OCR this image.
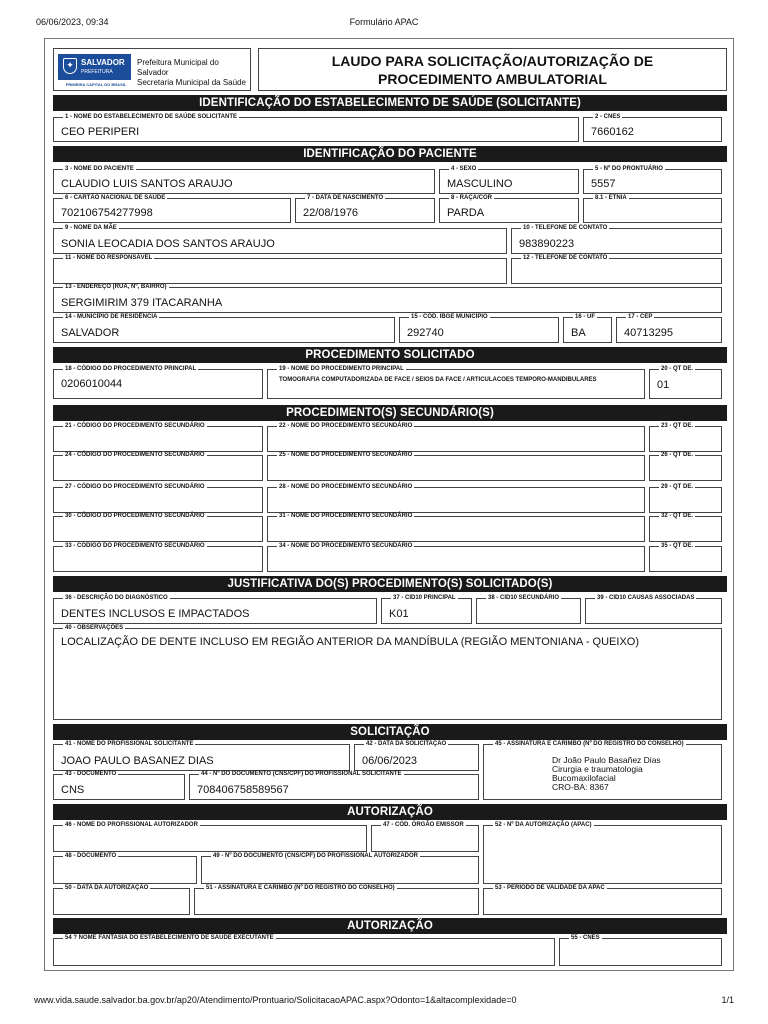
06/06/2023, 09:34	Formulário APAC
✦ SALVADOR
PREFEITURA
PRIMEIRA CAPITAL DO BRASIL
Prefeitura Municipal do Salvador
Secretaria Municipal da Saúde
LAUDO PARA SOLICITAÇÃO/AUTORIZAÇÃO DE
PROCEDIMENTO AMBULATORIAL
IDENTIFICAÇÃO DO ESTABELECIMENTO DE SAÚDE (SOLICITANTE)
1 - NOME DO ESTABELECIMENTO DE SAÚDE SOLICITANTE
CEO PERIPERI
2 - CNES
7660162
IDENTIFICAÇÃO DO PACIENTE
3 - NOME DO PACIENTE
CLAUDIO LUIS SANTOS ARAUJO
4 - SEXO
MASCULINO
5 - Nº DO PRONTUÁRIO
5557
6 - CARTÃO NACIONAL DE SAÚDE
702106754277998
7 - DATA DE NASCIMENTO
22/08/1976
8 - RAÇA/COR
PARDA
8.1 - ETNIA
9 - NOME DA MÃE
SONIA LEOCADIA DOS SANTOS ARAUJO
10 - TELEFONE DE CONTATO
983890223
11 - NOME DO RESPONSÁVEL	12 - TELEFONE DE CONTATO
13 - ENDEREÇO (RUA, Nº, BAIRRO)
SERGIMIRIM 379 ITACARANHA
14 - MUNICÍPIO DE RESIDÊNCIA
SALVADOR
15 - CÓD. IBGE MUNICÍPIO
292740
16 - UF
BA
17 - CEP
40713295
PROCEDIMENTO SOLICITADO
18 - CÓDIGO DO PROCEDIMENTO PRINCIPAL
0206010044
19 - NOME DO PROCEDIMENTO PRINCIPAL
TOMOGRAFIA COMPUTADORIZADA DE FACE / SEIOS DA FACE / ARTICULACOES TEMPORO-MANDIBULARES
20 - QT DE.
01
PROCEDIMENTO(S) SECUNDÁRIO(S)
21 - CÓDIGO DO PROCEDIMENTO SECUNDÁRIO	22 - NOME DO PROCEDIMENTO SECUNDÁRIO	23 - QT DE.
24 - CÓDIGO DO PROCEDIMENTO SECUNDÁRIO	25 - NOME DO PROCEDIMENTO SECUNDÁRIO	26 - QT DE.
27 - CÓDIGO DO PROCEDIMENTO SECUNDÁRIO	28 - NOME DO PROCEDIMENTO SECUNDÁRIO	29 - QT DE.
30 - CÓDIGO DO PROCEDIMENTO SECUNDÁRIO	31 - NOME DO PROCEDIMENTO SECUNDÁRIO	32 - QT DE.
33 - CÓDIGO DO PROCEDIMENTO SECUNDÁRIO	34 - NOME DO PROCEDIMENTO SECUNDÁRIO	35 - QT DE.
JUSTIFICATIVA DO(S) PROCEDIMENTO(S) SOLICITADO(S)
36 - DESCRIÇÃO DO DIAGNÓSTICO
DENTES INCLUSOS E IMPACTADOS
37 - CID10 PRINCIPAL
K01
38 - CID10 SECUNDÁRIO	39 - CID10 CAUSAS ASSOCIADAS
40 - OBSERVAÇÕES
LOCALIZAÇÃO DE DENTE INCLUSO EM REGIÃO ANTERIOR DA MANDÍBULA (REGIÃO MENTONIANA - QUEIXO)
SOLICITAÇÃO
41 - NOME DO PROFISSIONAL SOLICITANTE
JOAO PAULO BASANEZ DIAS
42 - DATA DA SOLICITAÇÃO
06/06/2023
45 - ASSINATURA E CARIMBO (Nº DO REGISTRO DO CONSELHO)
Dr João Paulo Basañez Dias
Cirurgia e traumatologia
Bucomaxilofacial
CRO-BA: 8367
43 - DOCUMENTO
CNS
44 - Nº DO DOCUMENTO (CNS/CPF) DO PROFISSIONAL SOLICITANTE
708406758589567
AUTORIZAÇÃO
46 - NOME DO PROFISSIONAL AUTORIZADOR	47 - CÓD. ÓRGÃO EMISSOR	52 - Nº DA AUTORIZAÇÃO (APAC)
48 - DOCUMENTO	49 - Nº DO DOCUMENTO (CNS/CPF) DO PROFISSIONAL AUTORIZADOR
50 - DATA DA AUTORIZAÇÃO	51 - ASSINATURA E CARIMBO (Nº DO REGISTRO DO CONSELHO)	53 - PERÍODO DE VALIDADE DA APAC
AUTORIZAÇÃO
54 ? NOME FANTASIA DO ESTABELECIMENTO DE SAÚDE EXECUTANTE	55 - CNES
www.vida.saude.salvador.ba.gov.br/ap20/Atendimento/Prontuario/SolicitacaoAPAC.aspx?Odonto=1&altacomplexidade=0	1/1
